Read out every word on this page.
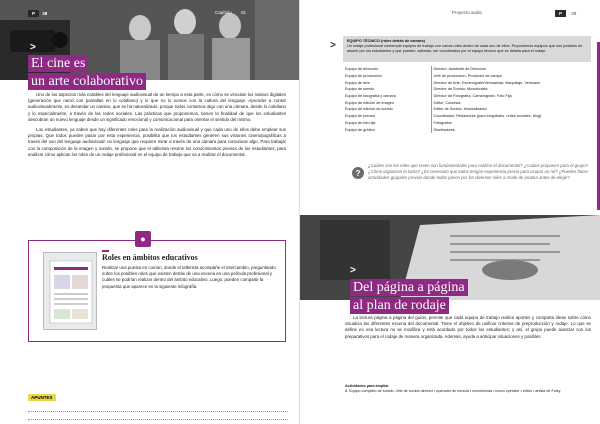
P 38	Capítulo 01
>
El cine es
un arte colaborativo

Uno de los aspectos más notables del lenguaje audiovisual de un tiempo a esta parte, es cómo se vinculan los nativos digitales (generación que nació con pantallas en lo cotidiano) y lo que no lo somos con la cultura del lenguaje. Aprender a contar audiovisualmente, es desandar un camino, que se ha naturalizado, porque todos contamos algo con una cámara, desde lo cotidiano y lo especialmente, a través de las redes sociales. Las prácticas que proponemos, tienen la finalidad de que los estudiantes descubran un nuevo lenguaje desde un significado emocional y comunicacional para orientar el sentido del mismo.

Los estudiantes, ya saben que hay diferentes roles para la realización audiovisual y que cada uno de ellos debe emplear sus propias. Que todos pueden pasar por esta experiencia, posibilita que los estudiantes generen sus visiones cinematográficas a través del uso del lenguaje audiovisual: un lenguaje que requiere mirar a través de una cámara para comunicar algo. Para trabajar con la composición de la imagen y sonido, se propone que el tallerista retome los conocimientos previos de los estudiantes, para analizar cómo aplican los roles de un rodaje profesional en el equipo de trabajo que va a realizar el documental.

●
Roles en ámbitos educativos
Realizar una puesta en común, donde el tallerista acompañe el intercambio, preguntando sobre los posibles roles que existen detrás de una escena en una película profesional y cuáles se podrían realizar dentro del ámbito educativo. Luego, pueden compartir la propuesta que aparece en la siguiente infografía.
APUNTES
Proyecto audio	P 39
>	EQUIPO TÉCNICO (roles detrás de cámara)
Un rodaje profesional contempla equipos de trabajo con varios roles dentro de cada uno de ellos. Proponemos equipos que son posibles de asumir por los estudiantes y que pueden, además, ser coordinados por el equipo técnico que se detalla para el rodaje.
Equipo de dirección	Director, Asistente de Dirección
Equipo de producción	Jefe de producción, Productor de campo
Equipo de arte	Director de Arte, Escenógrafo/Vestuarista, Maquillaje, Vestuario
Equipo de sonido	Director de Sonido, Microfonista
Equipo de fotografía y cámara	Director de Fotografía, Camarógrafo, Foto Fija
Equipo de edición de imagen	Editor, Colorista
Equipo de edición de sonido	Editor de Sonido, Musicalizador
Equipo de prensa	Coordinador, Redactores (para blog/diario, redes sociales, blog)
Equipo de foto fija	Fotógrafos
Equipo de gráfica	Diseñadores
?
¿Cuáles son los roles que creen son fundamentales para realizar el documental? ¿Cuáles proponen para el grupo? ¿Cómo organizan la tarea? ¿Es necesario que todos tengan experiencia previa para ocupar un rol? ¿Pueden hacer actividades grupales previas donde todos pasen por los diversos roles a modo de prueba antes de elegir?
>
Del página a página
al plan de rodaje

La lectura página a página del guion, permite que cada equipo de trabajo realice aportes y comparta ideas sobre cómo visualiza las diferentes escena del documental. Tiene el objetivo de unificar criterios de preproducción y rodaje. Lo que se define en esa lectura no se modifica y está acordado por todos los estudiantes; y así, el grupo puede avanzar con los preparativos para el rodaje de manera organizada. Además, ayuda a anticipar situaciones y posibles

Actividades para ampliar
8. Equipo completo de sonido: Jefe de sonido director • operador de mezcla • microfonista • boom operator • editor • artista de Foley
